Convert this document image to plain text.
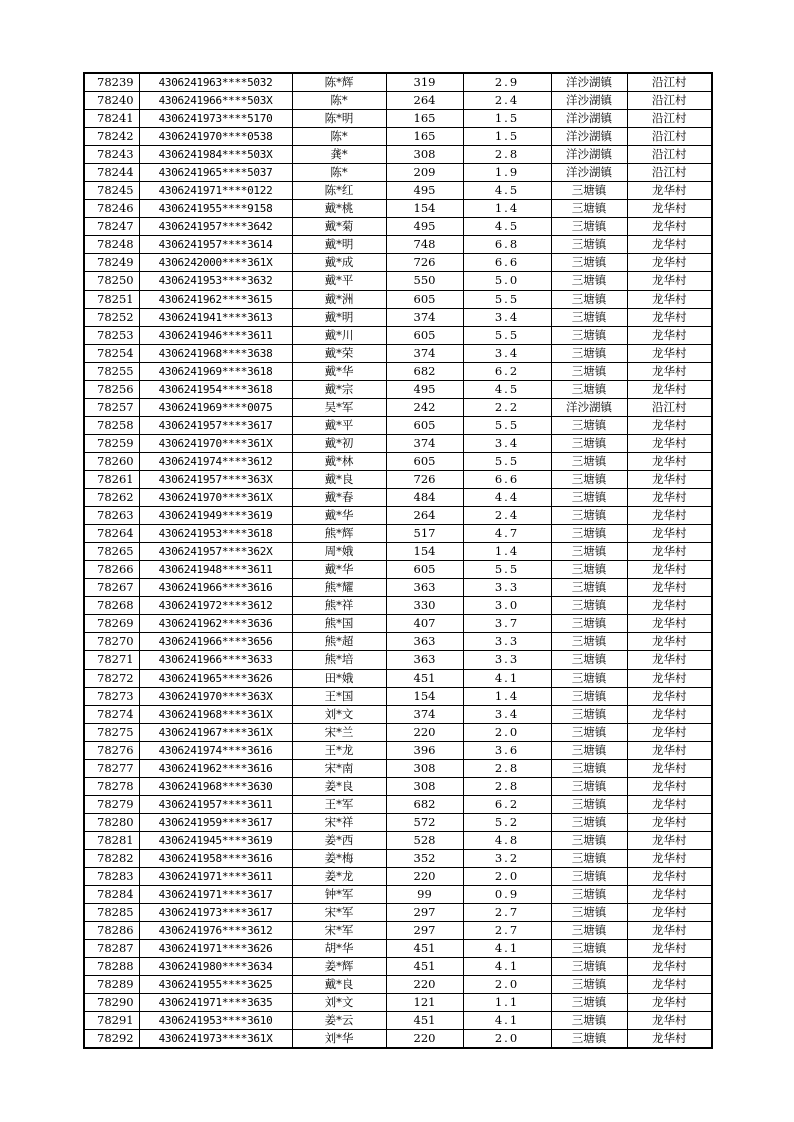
78239	4306241963****5032	陈*辉	319	2.9	洋沙湖镇	沿江村
78240	4306241966****503X	陈*	264	2.4	洋沙湖镇	沿江村
78241	4306241973****5170	陈*明	165	1.5	洋沙湖镇	沿江村
78242	4306241970****0538	陈*	165	1.5	洋沙湖镇	沿江村
78243	4306241984****503X	龚*	308	2.8	洋沙湖镇	沿江村
78244	4306241965****5037	陈*	209	1.9	洋沙湖镇	沿江村
78245	4306241971****0122	陈*红	495	4.5	三塘镇	龙华村
78246	4306241955****9158	戴*桃	154	1.4	三塘镇	龙华村
78247	4306241957****3642	戴*菊	495	4.5	三塘镇	龙华村
78248	4306241957****3614	戴*明	748	6.8	三塘镇	龙华村
78249	4306242000****361X	戴*成	726	6.6	三塘镇	龙华村
78250	4306241953****3632	戴*平	550	5.0	三塘镇	龙华村
78251	4306241962****3615	戴*洲	605	5.5	三塘镇	龙华村
78252	4306241941****3613	戴*明	374	3.4	三塘镇	龙华村
78253	4306241946****3611	戴*川	605	5.5	三塘镇	龙华村
78254	4306241968****3638	戴*荣	374	3.4	三塘镇	龙华村
78255	4306241969****3618	戴*华	682	6.2	三塘镇	龙华村
78256	4306241954****3618	戴*宗	495	4.5	三塘镇	龙华村
78257	4306241969****0075	吴*军	242	2.2	洋沙湖镇	沿江村
78258	4306241957****3617	戴*平	605	5.5	三塘镇	龙华村
78259	4306241970****361X	戴*初	374	3.4	三塘镇	龙华村
78260	4306241974****3612	戴*林	605	5.5	三塘镇	龙华村
78261	4306241957****363X	戴*良	726	6.6	三塘镇	龙华村
78262	4306241970****361X	戴*春	484	4.4	三塘镇	龙华村
78263	4306241949****3619	戴*华	264	2.4	三塘镇	龙华村
78264	4306241953****3618	熊*辉	517	4.7	三塘镇	龙华村
78265	4306241957****362X	周*娥	154	1.4	三塘镇	龙华村
78266	4306241948****3611	戴*华	605	5.5	三塘镇	龙华村
78267	4306241966****3616	熊*耀	363	3.3	三塘镇	龙华村
78268	4306241972****3612	熊*祥	330	3.0	三塘镇	龙华村
78269	4306241962****3636	熊*国	407	3.7	三塘镇	龙华村
78270	4306241966****3656	熊*超	363	3.3	三塘镇	龙华村
78271	4306241966****3633	熊*培	363	3.3	三塘镇	龙华村
78272	4306241965****3626	田*娥	451	4.1	三塘镇	龙华村
78273	4306241970****363X	王*国	154	1.4	三塘镇	龙华村
78274	4306241968****361X	刘*文	374	3.4	三塘镇	龙华村
78275	4306241967****361X	宋*兰	220	2.0	三塘镇	龙华村
78276	4306241974****3616	王*龙	396	3.6	三塘镇	龙华村
78277	4306241962****3616	宋*南	308	2.8	三塘镇	龙华村
78278	4306241968****3630	姜*良	308	2.8	三塘镇	龙华村
78279	4306241957****3611	王*军	682	6.2	三塘镇	龙华村
78280	4306241959****3617	宋*祥	572	5.2	三塘镇	龙华村
78281	4306241945****3619	姜*西	528	4.8	三塘镇	龙华村
78282	4306241958****3616	姜*梅	352	3.2	三塘镇	龙华村
78283	4306241971****3611	姜*龙	220	2.0	三塘镇	龙华村
78284	4306241971****3617	钟*军	99	0.9	三塘镇	龙华村
78285	4306241973****3617	宋*军	297	2.7	三塘镇	龙华村
78286	4306241976****3612	宋*军	297	2.7	三塘镇	龙华村
78287	4306241971****3626	胡*华	451	4.1	三塘镇	龙华村
78288	4306241980****3634	姜*辉	451	4.1	三塘镇	龙华村
78289	4306241955****3625	戴*良	220	2.0	三塘镇	龙华村
78290	4306241971****3635	刘*文	121	1.1	三塘镇	龙华村
78291	4306241953****3610	姜*云	451	4.1	三塘镇	龙华村
78292	4306241973****361X	刘*华	220	2.0	三塘镇	龙华村
